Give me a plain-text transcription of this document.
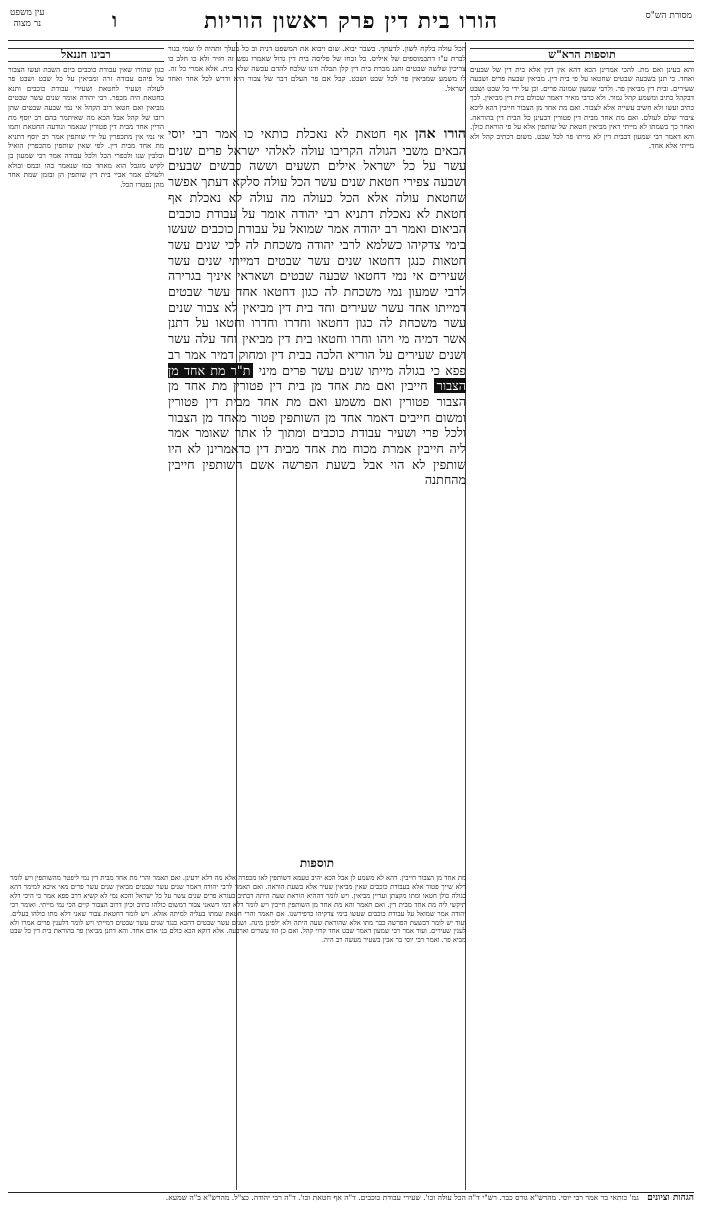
מסורת הש"ס
הורו בית דין פרק ראשון הוריות
ו
עין משפט
נר מצוה
תוספות הרא"ש

והא בעינן ואם מת. להכי אמרינן הכא דהא אין דנין אלא בית דין של שבעים ואחד. כי תנן בשבעה שבטים שחטאו על פי בית דין. מביאין שבעה פרים ושבעה שעירים. ובית דין מביאין פר. ולרבי שמעון שמונה פרים. וכן על ידי כל שבט ושבט דבקהל כתיב ומשמע קהל גמור. ולא כרבי מאיר דאמר שכולם בית דין מביאין. לכך כתיב ועשו ולא חשיב עשייה אלא לצבור. ואם מת אחד מן הצבור חייבין דהא ליכא ציבור שלם לעולם. ואם מת אחד מבית דין פטורין דבעינן כל הבית דין בהוראה. ואחר כך כשמתו לא מייתי דאין מביאין חטאת של שותפין אלא על פי הוראת כולן. והא דאמר רבי שמעון דבבית דין לא מייתו פר לכל שבט. משום דכתיב קהל ולא מייתי אלא אחד.

רבינו חננאל

כגון שהורו שאין עבודת כוכבים ביום השבת ועשו הצבור על פיהם עבודה זרה ומביאין על כל שבט ושבט פר לעולה ושעיר לחטאת ושעירי עבודת כוכבים ותנא בחטאת היה מכפר. רבי יהודה אומר שנים עשר שבטים מביאין ואם חטאו רוב הקהל אי נמי שבעה שבטים שהן רובו של קהל אבל הכא מה שאיתמר בהם רב יוסף מת הדיין אחד מבית דין פטורין שנאמר ונודעה החטאת ותמו אי נמי אין מתכפרין על ידי שותפין אמר רב יוסף דתניא מת אחד מבית דין. לפי שאין שותפין מתכפרין הואיל ובלבין שנו ולכפרי הכל ולכל עבודה אמר רבי שמעון בן לקיש מוגבל הוא מאחד כמו שנאמר בהו ובמס ובולא ולעולם אמר אביי בית דין שותפין הן ובזמן שמת אחד מהן נפטרו הכל.

הכל עולה בלקח לשון. לדעתך. בשבר יבוא. שום ויבוא את המשפט דנית וב כל בעלך ותהיה לו שמי בגור לברת ע"ז דתבמוספים של איליס. כל זבחו של פליסה בית דין גדול שאמרו נפש זה חזיר ולא כו חלב כו צריכין שלשה שבטים ותגנ מכרת בית דין קלן תבלה ודנו שלכח להדם עכשה שלא בית. אלא אמרי כל זה. לו משמע שמביאין פר לכל שבט ושבט. קבל אם פר העלם דבר של צבור היא ודרש לכל אחד ואחד ישראל.
הורו אהן אף חטאת לא נאכלת כותאי כו אמר רבי יוסי הבאים משבי הגולה הקריבו עולה לאלהי ישראל פרים שנים עשר על כל ישראל אילים תשעים וששה כבשים שבעים ושבעה צפירי חטאת שנים עשר הכל עולה סלקא דעתך אפשר שחטאת עולה אלא הכל כעולה מה עולה לא נאכלת אף חטאת לא נאכלת דתניא רבי יהודה אומר על עבודת כוכבים הביאום ואמר רב יהודה אמר שמואל על עבודת כוכבים שעשו בימי צדקיהו כשלמא לרבי יהודה משכחת לה לכי שנים עשר חטאות כנגן דחטאו שנים עשר שבטים דמייתי שנים עשר שעירים אי נמי דחטאו שבעה שבטים ושאראי איניך בגרירה לרבי שמעון נמי משכחת לה כגון דחטאו אחד עשר שבטים דמייתו אחד עשר שעירים וחד בית דין מביאין לא צבור שנים עשר משכחת לה כגון דחטאו וחדרו וחדרו וחטאו על דתנן אשר דמיה מי ויהו וחרו וחטאו בית דין מביאין וחד עלה עשר ושנים שעירים על הוריא הלכה בבית דין ומחוק דמיר אמר רב פפא כי בגולה מייתו שנים עשר פרים מיני ת"ר מת אחד מן הצבור חייבין ואם מת אחד מן בית דין פטורין מת אחד מן הצבור פטורין ואם משמע ואם מת אחד מבית דין פטורין ומשום חייבים דאמר אחד מן השותפין פטור מאחד מן הצבור ולכל פרי ושעיר עבודת כוכבים ומתוך לו אתר שאומר אמר ליה חייבין אמרת מכוח מת אחד מבית דין כדאמרינן לא היו שותפין לא הוי אבל בשעת הפרשה אשם השותפין חייבין מהחתנה
תוספות
מת אחד מן הצבור חייבין. דהא לא משמע לן אבל הכא יהיב טעמא דשותפין לאו מכפרה אלא מה דלא ידעינן. ואם תאמר והרי מת אחד מבית דין נמי ליפטר מהשותפין ויש לומר דלא שייך פטור אלא בעבודת כוכבים שאין מביאין שעיר אלא בשעת הוראה. ואם תאמר לרבי יהודה דאמר שנים עשר שבטים מביאין שנים עשר פרים מאי איכא למימר דהא בגולה כולן חטאו ומתו מקצתן ועדיין מביאין. ויש לומר דההיא הוראת שעה היתה דכתיב בעזרא פרים שנים עשר על כל ישראל והכא נמי לא קשיא דרב פפא אמר כי היכי דלא תיקשי ליה מת אחד מבית דין. ואם תאמר והא מת אחד מן השותפין חייבין ויש לומר דלא דמי דשאני צבור דמשום כולהו כתיב וכיון דרוב הצבור קיים הכי נמי מייתי. ואומר רבי יהודה אמר שמואל על עבודת כוכבים שעשו בימי צדקיהו כדפירשנו. אם תאמר והרי חטאת שמתו בעליה למיתה אזלא. ויש לומר דחטאת צבור שאני דלא מתו כולהו בעלים. ועוד יש לומר דבשעת הפרשה כבר מתו אלא שהוראת שעה היתה ולא ילפינן מינה. ושנים עשר שבטים דהכא כנגד שנים עשר שבטים דמייתי ויש לומר דלענין פרים אמרו ולא לענין שעירים. ועוד אמר רבי שמעון דאמר שבט אחד קרוי קהל. ואם כן הוו עשרים וארבעה. אלא דוקא הכא כולם בני אדם אחד. והא דתנן מביאין פר בהוראת בית דין כל שבט מביא פר. ואמר רבי יוסי בר אבין בשעיר מעשה רב היה.
הגהות וציונים גמ' כותאי בר אמר רבי יוסי. מהרש"א גורס כבר. רש"י ד"ה הכל עולה וכו'. שעירי עבודת כוכבים. ד"ה אף חטאת וכו'. ד"ה רבי יהודה. כצ"ל. מהרש"א ב"ה שמעא.
